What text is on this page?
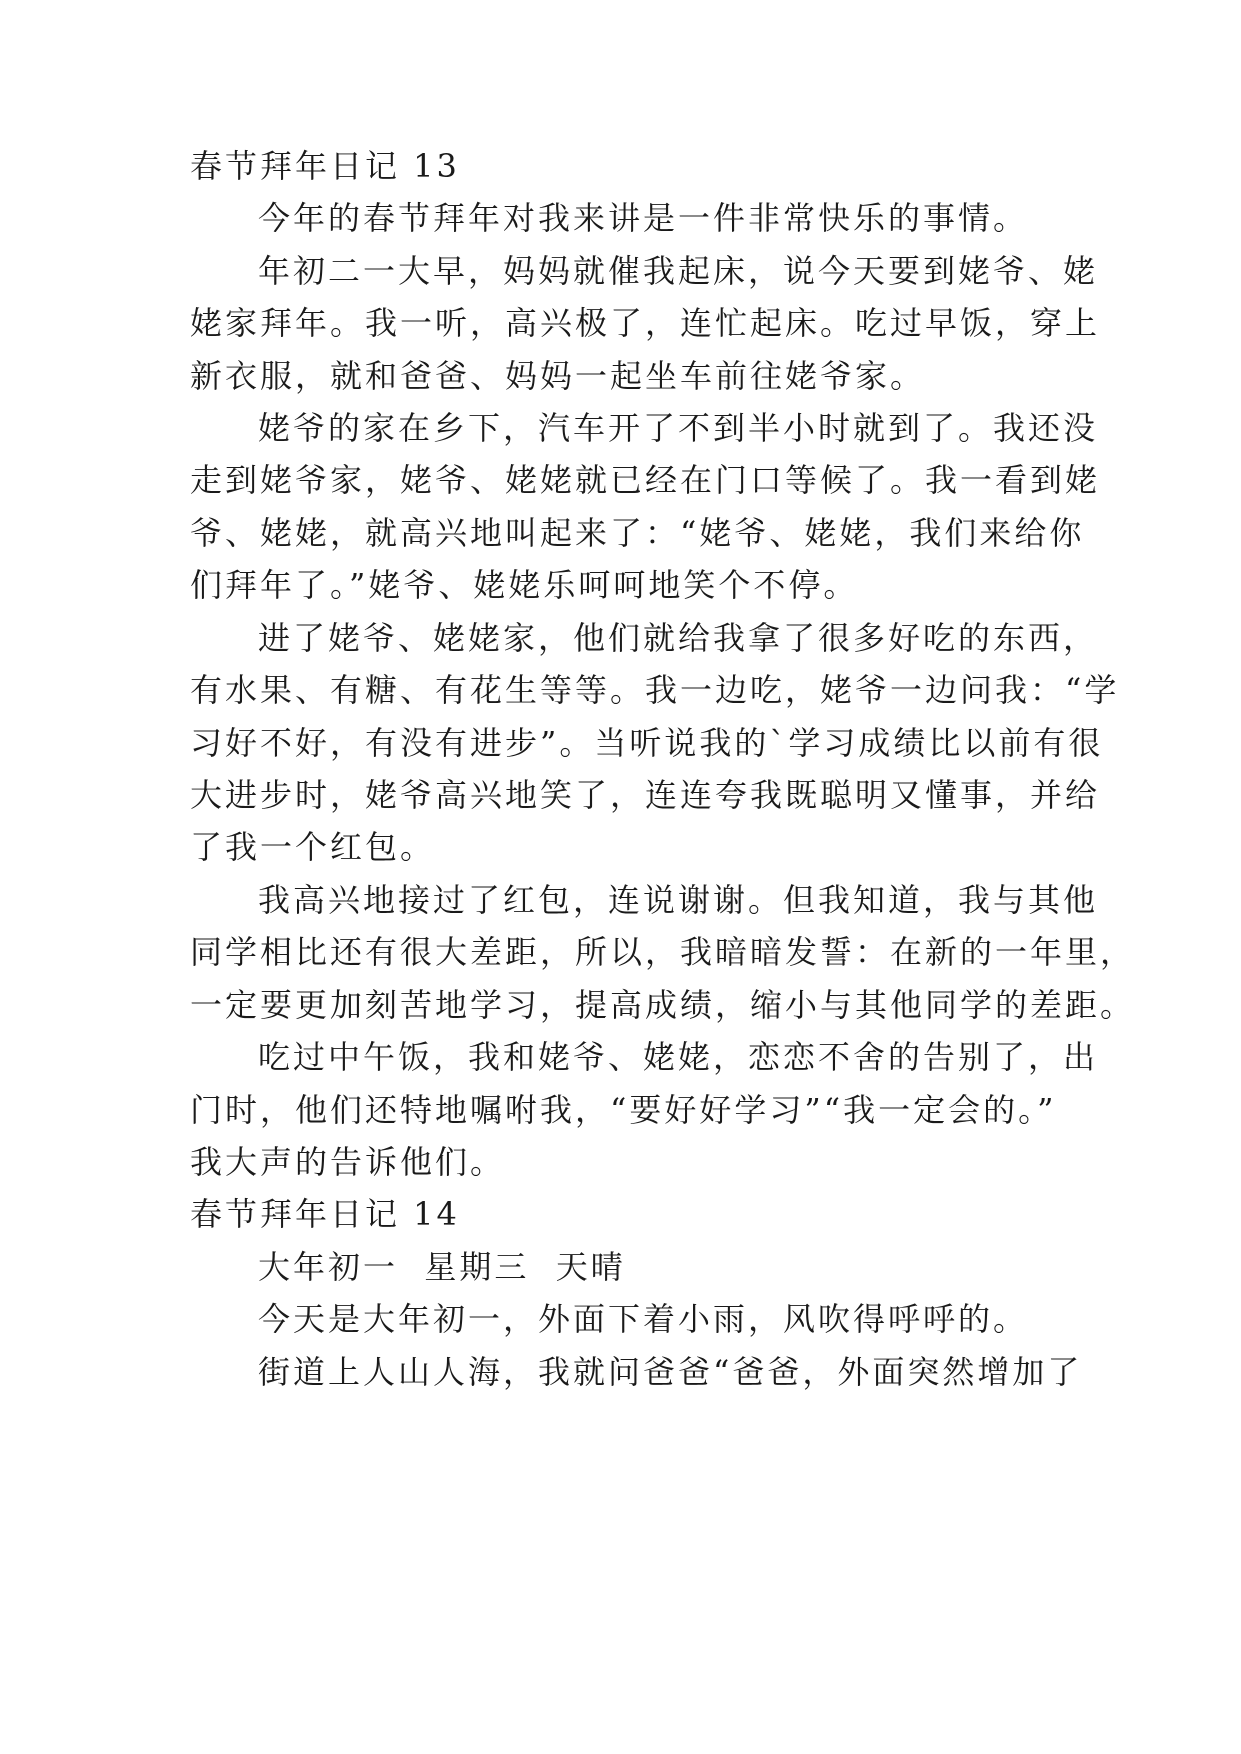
春节拜年日记 13
今年的春节拜年对我来讲是一件非常快乐的事情。
年初二一大早，妈妈就催我起床，说今天要到姥爷、姥
姥家拜年。我一听，高兴极了，连忙起床。吃过早饭，穿上
新衣服，就和爸爸、妈妈一起坐车前往姥爷家。
姥爷的家在乡下，汽车开了不到半小时就到了。我还没
走到姥爷家，姥爷、姥姥就已经在门口等候了。我一看到姥
爷、姥姥，就高兴地叫起来了：“姥爷、姥姥，我们来给你
们拜年了。”姥爷、姥姥乐呵呵地笑个不停。
进了姥爷、姥姥家，他们就给我拿了很多好吃的东西，
有水果、有糖、有花生等等。我一边吃，姥爷一边问我：“学
习好不好，有没有进步”。当听说我的`学习成绩比以前有很
大进步时，姥爷高兴地笑了，连连夸我既聪明又懂事，并给
了我一个红包。
我高兴地接过了红包，连说谢谢。但我知道，我与其他
同学相比还有很大差距，所以，我暗暗发誓：在新的一年里，
一定要更加刻苦地学习，提高成绩，缩小与其他同学的差距。
吃过中午饭，我和姥爷、姥姥，恋恋不舍的告别了，出
门时，他们还特地嘱咐我，“要好好学习”“我一定会的。”
我大声的告诉他们。
春节拜年日记 14
大年初一  星期三  天晴
今天是大年初一，外面下着小雨，风吹得呼呼的。
街道上人山人海，我就问爸爸“爸爸，外面突然增加了
